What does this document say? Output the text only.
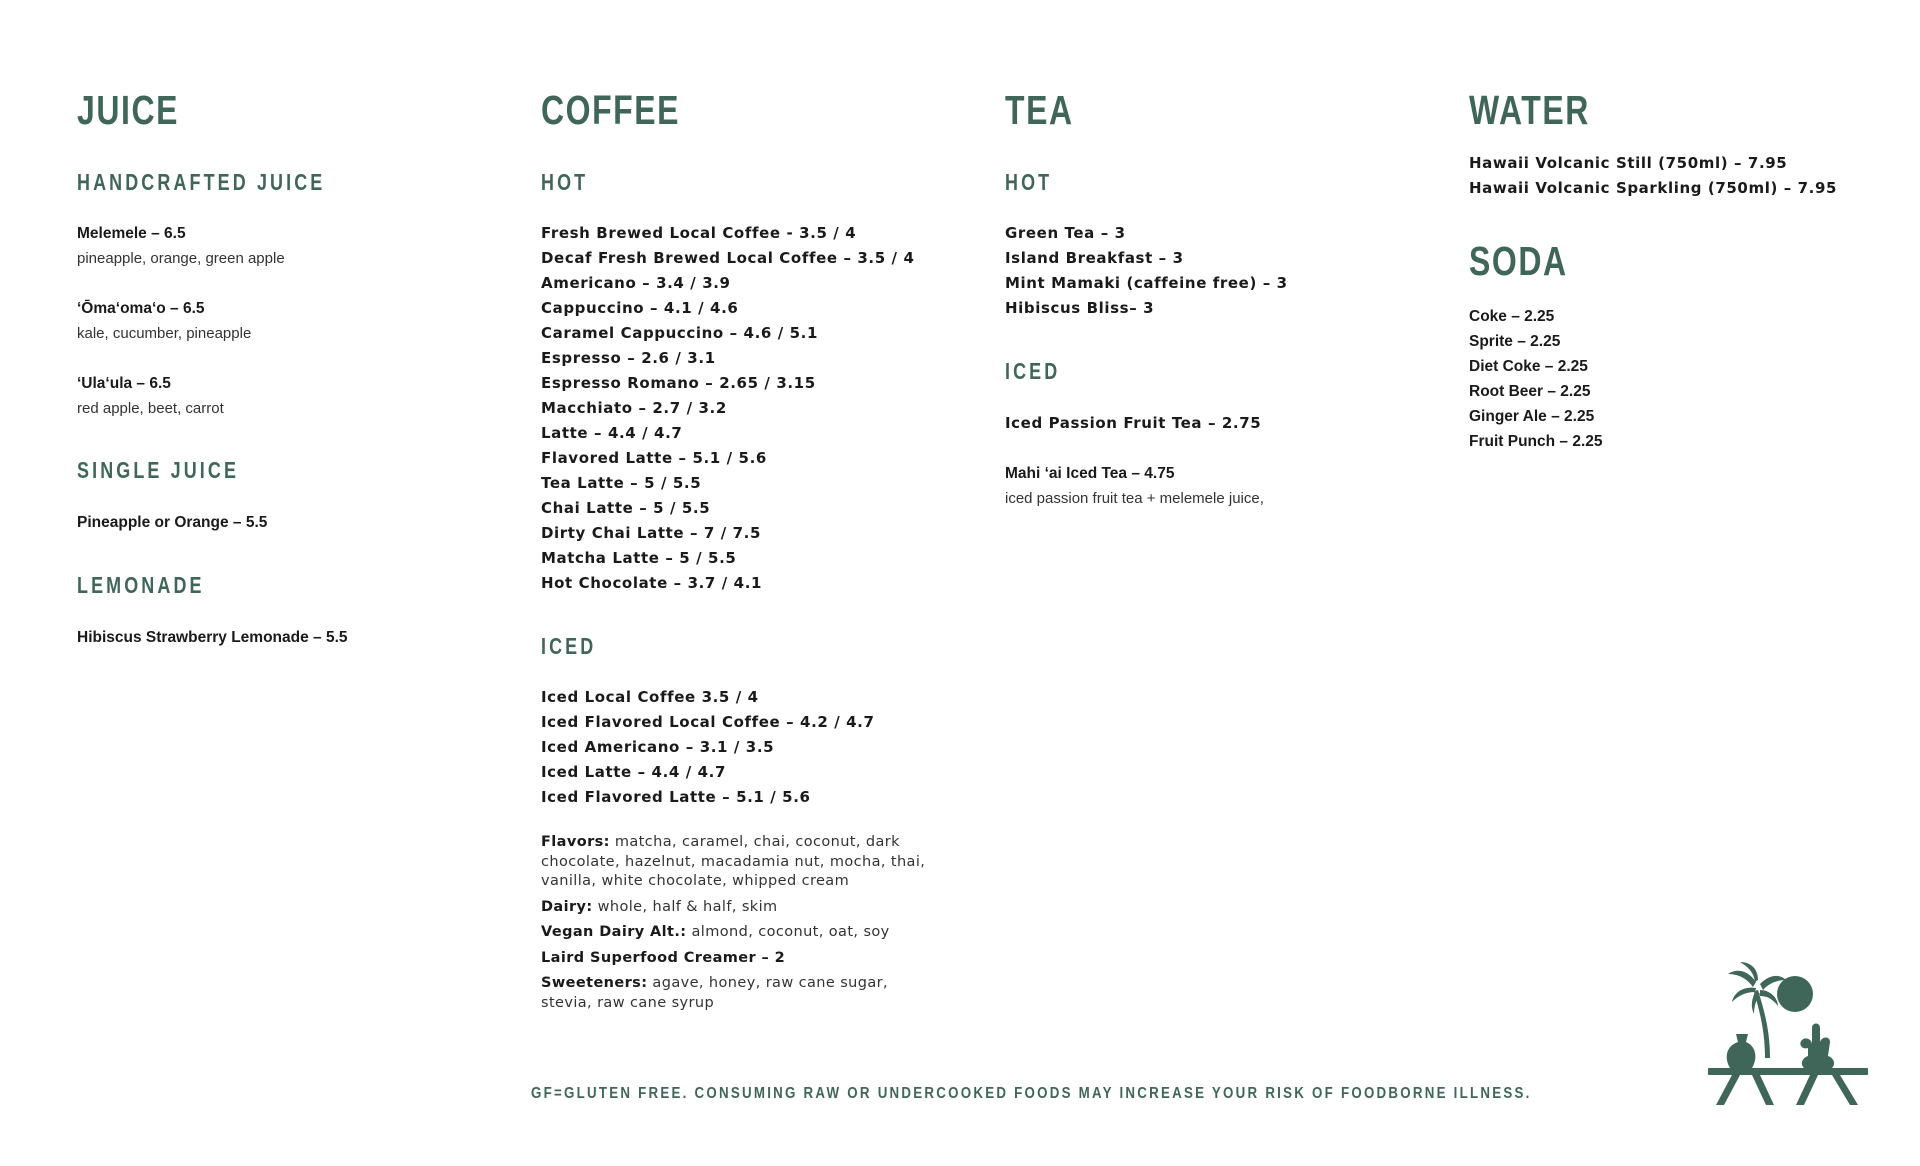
JUICE
HANDCRAFTED JUICE
Melemele – 6.5
pineapple, orange, green apple
‘Ōma‘oma‘o – 6.5
kale, cucumber, pineapple
‘Ula‘ula – 6.5
red apple, beet, carrot
SINGLE JUICE
Pineapple or Orange – 5.5
LEMONADE
Hibiscus Strawberry Lemonade – 5.5
COFFEE
HOT
Fresh Brewed Local Coffee - 3.5 / 4
Decaf Fresh Brewed Local Coffee – 3.5 / 4
Americano – 3.4 / 3.9
Cappuccino – 4.1 / 4.6
Caramel Cappuccino – 4.6 / 5.1
Espresso – 2.6 / 3.1
Espresso Romano – 2.65 / 3.15
Macchiato – 2.7 / 3.2
Latte – 4.4 / 4.7
Flavored Latte – 5.1 / 5.6
Tea Latte – 5 / 5.5
Chai Latte – 5 / 5.5
Dirty Chai Latte – 7 / 7.5
Matcha Latte – 5 / 5.5
Hot Chocolate – 3.7 / 4.1
ICED
Iced Local Coffee 3.5 / 4
Iced Flavored Local Coffee – 4.2 / 4.7
Iced Americano – 3.1 / 3.5
Iced Latte – 4.4 / 4.7
Iced Flavored Latte – 5.1 / 5.6

Flavors: matcha, caramel, chai, coconut, dark chocolate, hazelnut, macadamia nut, mocha, thai, vanilla, white chocolate, whipped cream

Dairy: whole, half & half, skim

Vegan Dairy Alt.: almond, coconut, oat, soy

Laird Superfood Creamer – 2

Sweeteners: agave, honey, raw cane sugar, stevia, raw cane syrup

TEA
HOT
Green Tea – 3
Island Breakfast – 3
Mint Mamaki (caffeine free) – 3
Hibiscus Bliss– 3
ICED
Iced Passion Fruit Tea – 2.75
Mahi ‘ai Iced Tea – 4.75
iced passion fruit tea + melemele juice,
WATER
Hawaii Volcanic Still (750ml) – 7.95
Hawaii Volcanic Sparkling (750ml) – 7.95
SODA
Coke – 2.25
Sprite – 2.25
Diet Coke – 2.25
Root Beer – 2.25
Ginger Ale – 2.25
Fruit Punch – 2.25
GF=GLUTEN FREE. CONSUMING RAW OR UNDERCOOKED FOODS MAY INCREASE YOUR RISK OF FOODBORNE ILLNESS.
